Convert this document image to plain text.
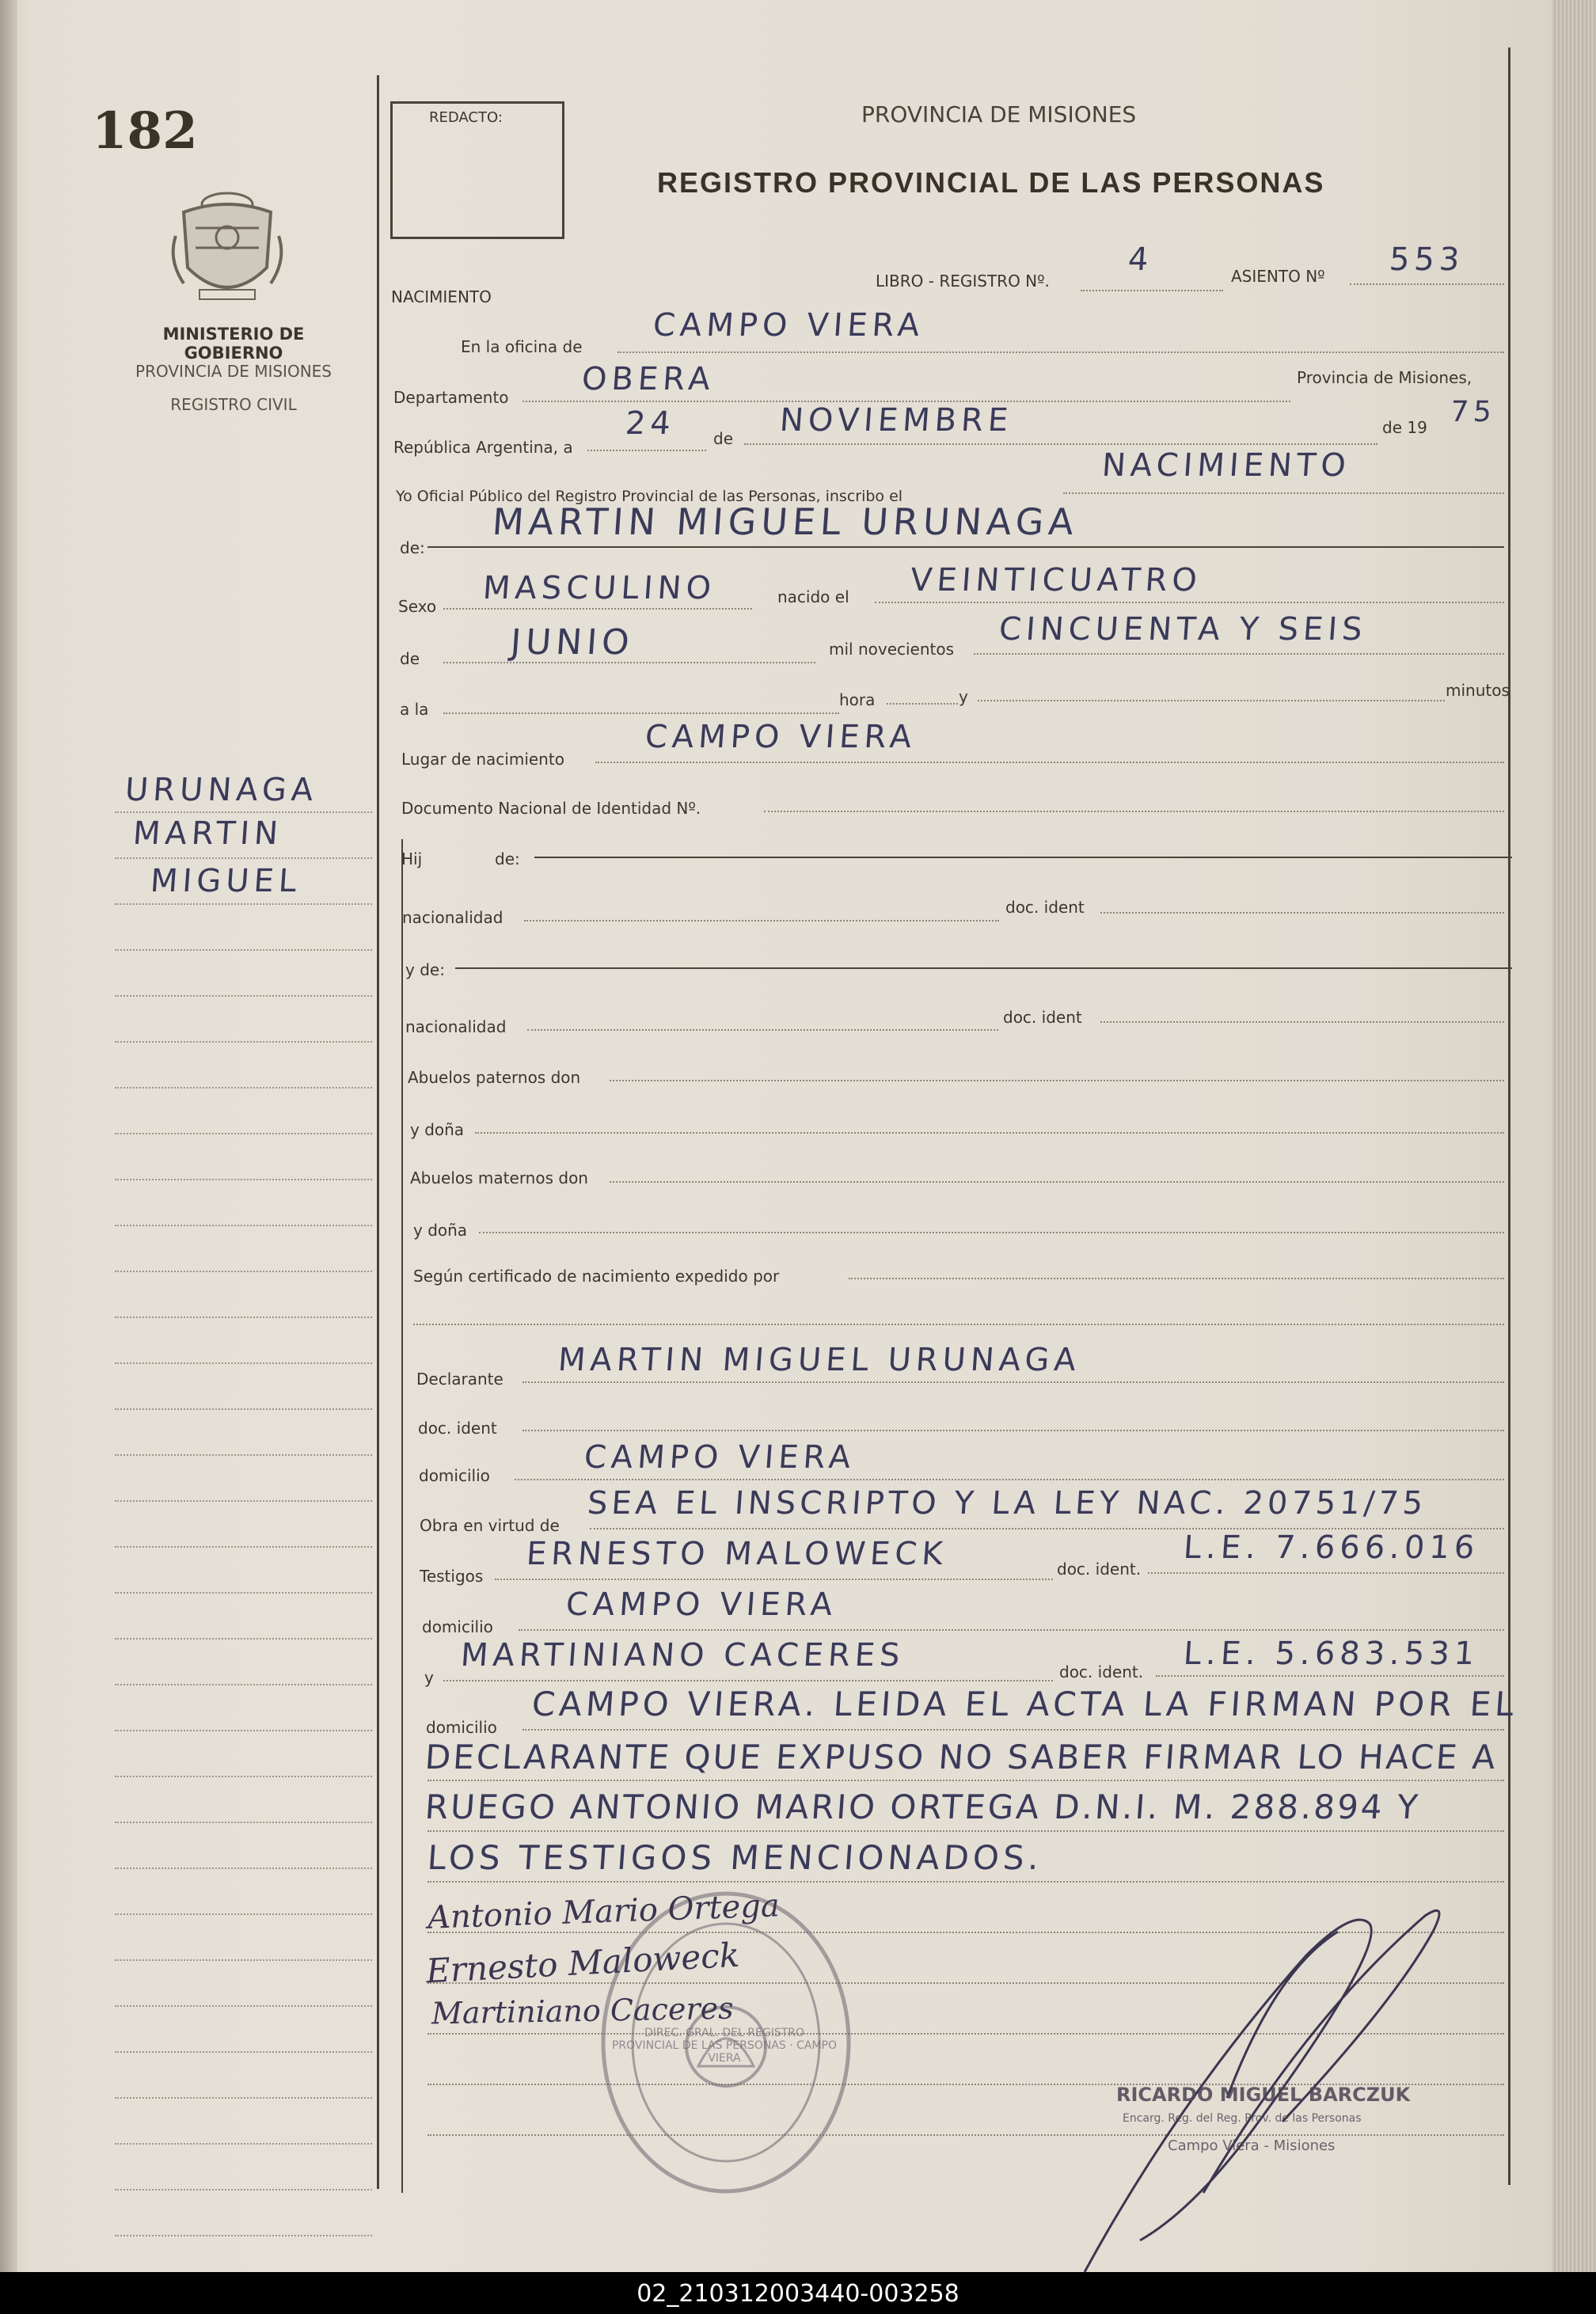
182
MINISTERIO DE GOBIERNO
PROVINCIA DE MISIONES
REGISTRO CIVIL
URUNAGA
MARTIN
MIGUEL
REDACTO:	PROVINCIA DE MISIONES
REGISTRO PROVINCIAL DE LAS PERSONAS
NACIMIENTO
LIBRO - REGISTRO Nº.
4	ASIENTO Nº 553
En la oficina de
CAMPO VIERA
Departamento OBERA	Provincia de Misiones,
República Argentina, a
24 de NOVIEMBRE	de 19 75
Yo Oficial Público del Registro Provincial de las Personas, inscribo el
NACIMIENTO
de:
MARTIN MIGUEL URUNAGA
Sexo MASCULINO	nacido el VEINTICUATRO
de	JUNIO	mil novecientos
CINCUENTA Y SEIS
a la	hora	y	minutos
Lugar de nacimiento
CAMPO VIERA
Documento Nacional de Identidad Nº.
Hij	de:
nacionalidad
doc. ident
y de:
nacionalidad	doc. ident
Abuelos paternos don
y doña
Abuelos maternos don
y doña
Según certificado de nacimiento expedido por
Declarante
MARTIN MIGUEL URUNAGA
doc. ident
domicilio	CAMPO VIERA
Obra en virtud de
SEA EL INSCRIPTO Y LA LEY NAC. 20751/75
Testigos
ERNESTO MALOWECK	doc. ident.
L.E. 7.666.016
domicilio
CAMPO VIERA
y
MARTINIANO CACERES	doc. ident. L.E. 5.683.531
domicilio
CAMPO VIERA. LEIDA EL ACTA LA FIRMAN POR EL
DECLARANTE QUE EXPUSO NO SABER FIRMAR LO HACE A
RUEGO ANTONIO MARIO ORTEGA D.N.I. M. 288.894 Y
LOS TESTIGOS MENCIONADOS.
Antonio Mario Ortega
Ernesto Maloweck
Martiniano Caceres
RICARDO MIGUEL BARCZUK
Encarg. Reg. del Reg. Prov. de las Personas
Campo Viera - Misiones
DIREC. GRAL. DEL REGISTRO PROVINCIAL DE LAS PERSONAS · CAMPO VIERA
02_210312003440-003258
